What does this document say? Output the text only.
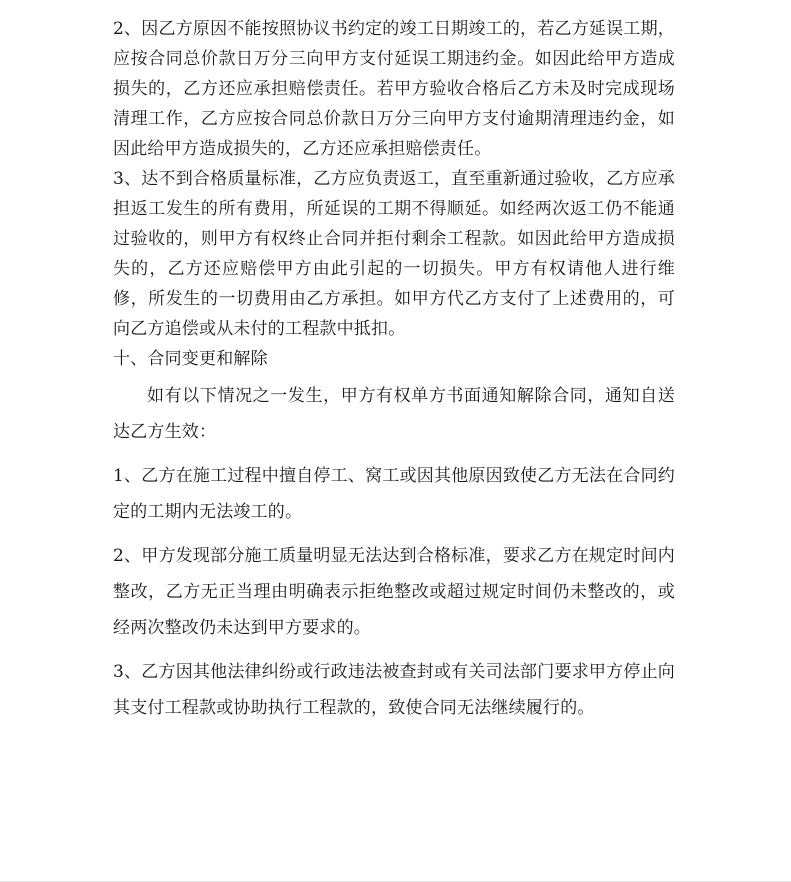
2、因乙方原因不能按照协议书约定的竣工日期竣工的，若乙方延误工期，应按合同总价款日万分三向甲方支付延误工期违约金。如因此给甲方造成损失的，乙方还应承担赔偿责任。若甲方验收合格后乙方未及时完成现场清理工作，乙方应按合同总价款日万分三向甲方支付逾期清理违约金，如因此给甲方造成损失的，乙方还应承担赔偿责任。

3、达不到合格质量标准，乙方应负责返工，直至重新通过验收，乙方应承担返工发生的所有费用，所延误的工期不得顺延。如经两次返工仍不能通过验收的，则甲方有权终止合同并拒付剩余工程款。如因此给甲方造成损失的，乙方还应赔偿甲方由此引起的一切损失。甲方有权请他人进行维修，所发生的一切费用由乙方承担。如甲方代乙方支付了上述费用的，可向乙方追偿或从未付的工程款中抵扣。

十、合同变更和解除

如有以下情况之一发生，甲方有权单方书面通知解除合同，通知自送达乙方生效：

1、乙方在施工过程中擅自停工、窝工或因其他原因致使乙方无法在合同约定的工期内无法竣工的。

2、甲方发现部分施工质量明显无法达到合格标准，要求乙方在规定时间内整改，乙方无正当理由明确表示拒绝整改或超过规定时间仍未整改的，或经两次整改仍未达到甲方要求的。

3、乙方因其他法律纠纷或行政违法被查封或有关司法部门要求甲方停止向其支付工程款或协助执行工程款的，致使合同无法继续履行的。
